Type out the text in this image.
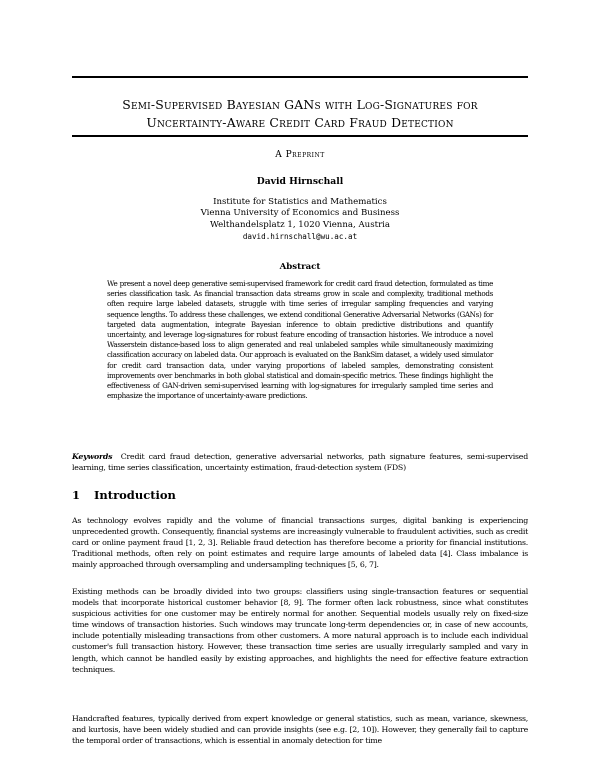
Semi-Supervised Bayesian GANs with Log-Signatures for
Uncertainty-Aware Credit Card Fraud Detection
A Preprint
David Hirnschall
Institute for Statistics and Mathematics
Vienna University of Economics and Business
Welthandelsplatz 1, 1020 Vienna, Austria
david.hirnschall@wu.ac.at
Abstract

We present a novel deep generative semi-supervised framework for credit card fraud detection, formulated as time series classification task. As financial transaction data streams grow in scale and complexity, traditional methods often require large labeled datasets, struggle with time series of irregular sampling frequencies and varying sequence lengths. To address these challenges, we extend conditional Generative Adversarial Networks (GANs) for targeted data augmentation, integrate Bayesian inference to obtain predictive distributions and quantify uncertainty, and leverage log-signatures for robust feature encoding of transaction histories. We introduce a novel Wasserstein distance-based loss to align generated and real unlabeled samples while simultaneously maximizing classification accuracy on labeled data. Our approach is evaluated on the BankSim dataset, a widely used simulator for credit card transaction data, under varying proportions of labeled samples, demonstrating consistent improvements over benchmarks in both global statistical and domain-specific metrics. These findings highlight the effectiveness of GAN-driven semi-supervised learning with log-signatures for irregularly sampled time series and emphasize the importance of uncertainty-aware predictions.

Keywords Credit card fraud detection, generative adversarial networks, path signature features, semi-supervised learning, time series classification, uncertainty estimation, fraud-detection system (FDS)

1 Introduction

As technology evolves rapidly and the volume of financial transactions surges, digital banking is experiencing unprecedented growth. Consequently, financial systems are increasingly vulnerable to fraudulent activities, such as credit card or online payment fraud [1, 2, 3]. Reliable fraud detection has therefore become a priority for financial institutions. Traditional methods, often rely on point estimates and require large amounts of labeled data [4]. Class imbalance is mainly approached through oversampling and undersampling techniques [5, 6, 7].

Existing methods can be broadly divided into two groups: classifiers using single-transaction features or sequential models that incorporate historical customer behavior [8, 9]. The former often lack robustness, since what constitutes suspicious activities for one customer may be entirely normal for another. Sequential models usually rely on fixed-size time windows of transaction histories. Such windows may truncate long-term dependencies or, in case of new accounts, include potentially misleading transactions from other customers. A more natural approach is to include each individual customer's full transaction history. However, these transaction time series are usually irregularly sampled and vary in length, which cannot be handled easily by existing approaches, and highlights the need for effective feature extraction techniques.

Handcrafted features, typically derived from expert knowledge or general statistics, such as mean, variance, skewness, and kurtosis, have been widely studied and can provide insights (see e.g. [2, 10]). However, they generally fail to capture the temporal order of transactions, which is essential in anomaly detection for time
